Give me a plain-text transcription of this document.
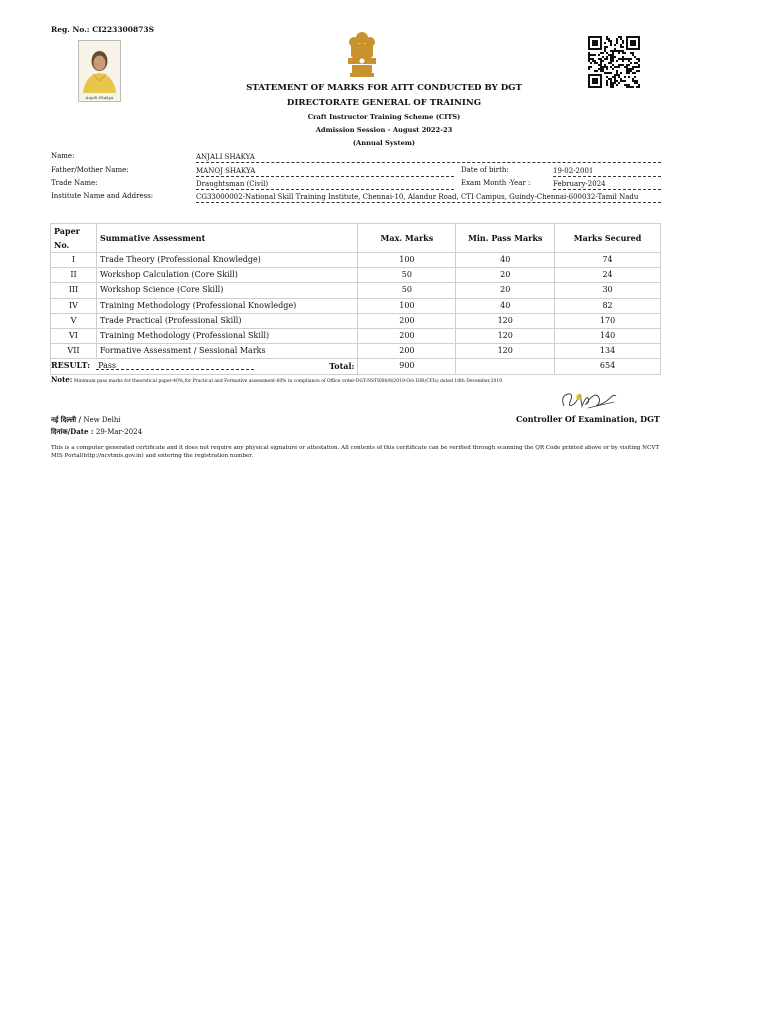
Reg. No.: CI223300873S
Anjali Shakya
STATEMENT OF MARKS FOR AITT CONDUCTED BY DGT
DIRECTORATE GENERAL OF TRAINING
Craft Instructor Training Scheme (CITS)
Admission Session - August 2022-23
(Annual System)
Name:	ANJALI SHAKYA
Father/Mother Name:	MANOJ SHAKYA	Date of birth:	19-02-2001
Trade Name:	Draughtsman (Civil)	Exam Month -Year :	February-2024
Institute Name and Address:	CG33000002-National Skill Training Institute, Chennai-10, Alandur Road, CTI Campus, Guindy-Chennai-600032-Tamil Nadu
Paper No.	Summative Assessment	Max. Marks	Min. Pass Marks	Marks Secured
I	Trade Theory (Professional Knowledge)	100	40	74
II	Workshop Calculation (Core Skill)	50	20	24
III	Workshop Science (Core Skill)	50	20	30
IV	Training Methodology (Professional Knowledge)	100	40	82
V	Trade Practical (Professional Skill)	200	120	170
VI	Training Methodology (Professional Skill)	200	120	140
VII	Formative Assessment / Sessional Marks	200	120	134
Total:		900		654
RESULT: Pass
Note: Minimum pass marks for theoretical paper-40%,for Practical and Formative assessment-60% in compliance of Office order-DGT-NSTI080/8/2019-O/o DIR(CFIs) dated 18th December,2019
Controller Of Examination, DGT
नई दिल्ली / New Delhi
दिनांक/Date : 29-Mar-2024
This is a computer generated certificate and it does not require any physical signature or attestation. All contents of this ceritificate can be verified through scanning the QR Code printed above or by visiting NCVT MIS Portal(http://ncvtmis.gov.in) and entering the registration number.
